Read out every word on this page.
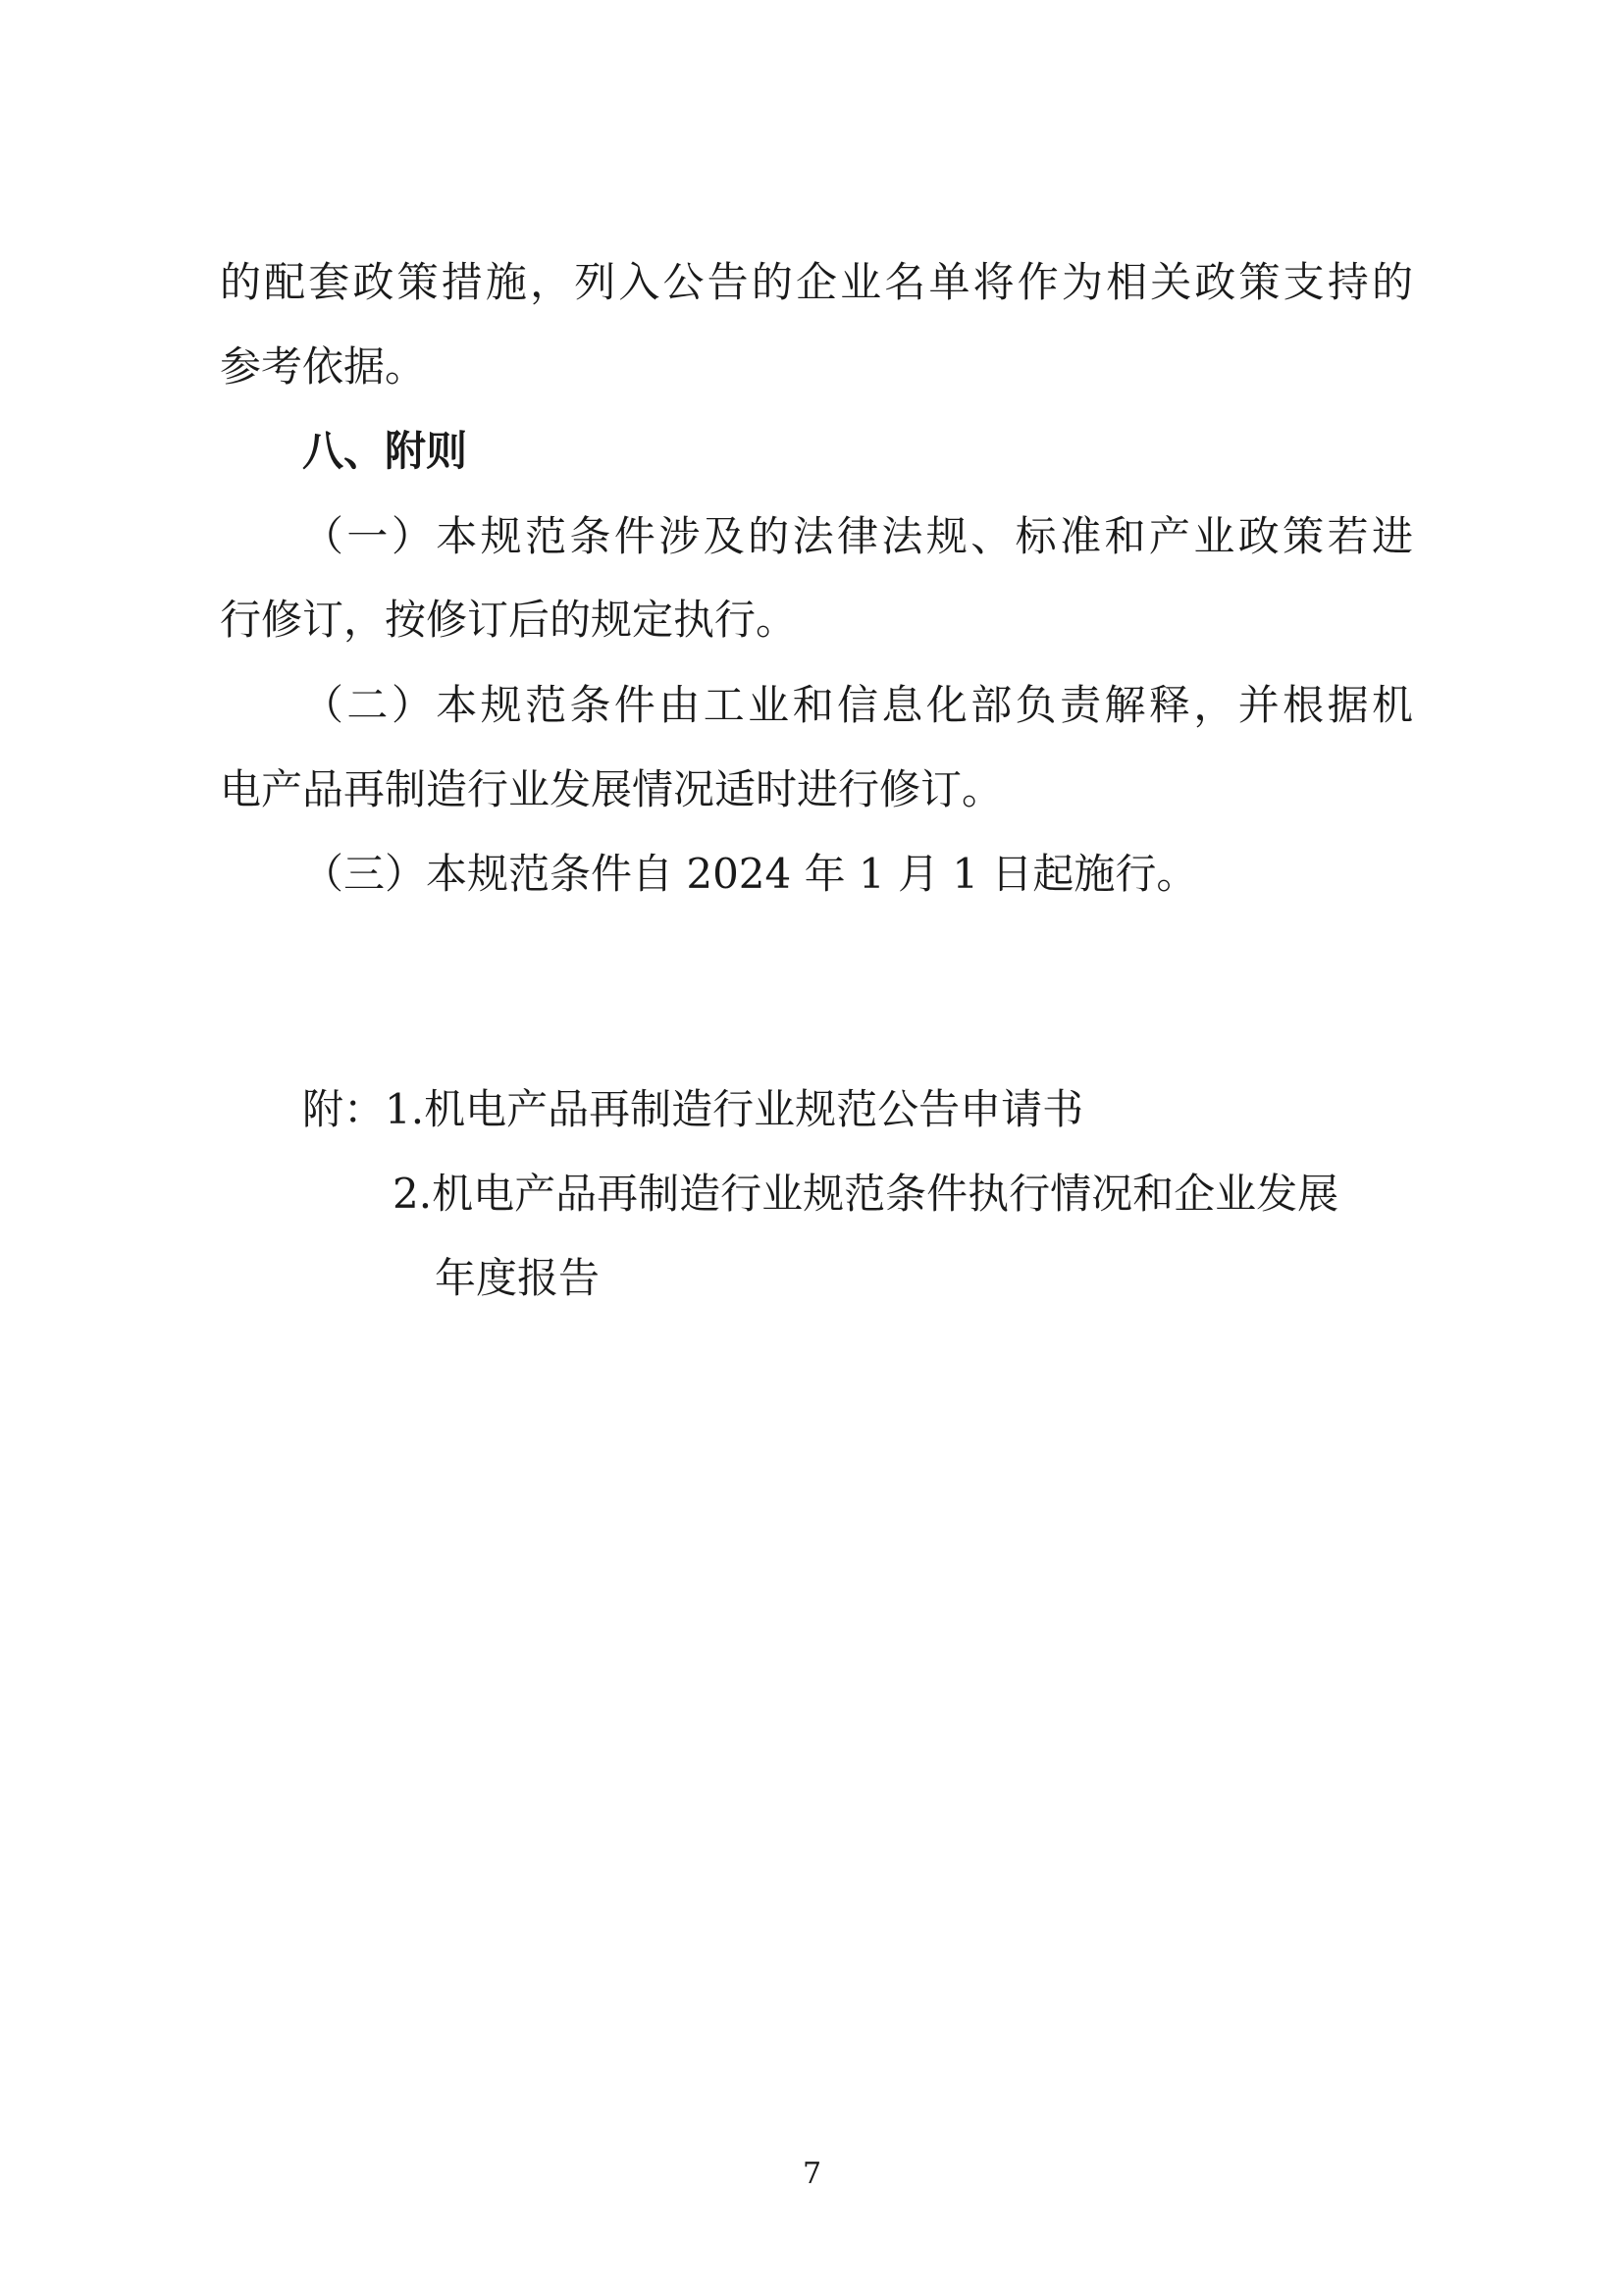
的配套政策措施，列入公告的企业名单将作为相关政策支持的

参考依据。

八、附则

（一）本规范条件涉及的法律法规、标准和产业政策若进

行修订，按修订后的规定执行。

（二）本规范条件由工业和信息化部负责解释，并根据机

电产品再制造行业发展情况适时进行修订。

（三）本规范条件自 2024 年 1 月 1 日起施行。

附：1.机电产品再制造行业规范公告申请书

2.机电产品再制造行业规范条件执行情况和企业发展

年度报告

7
